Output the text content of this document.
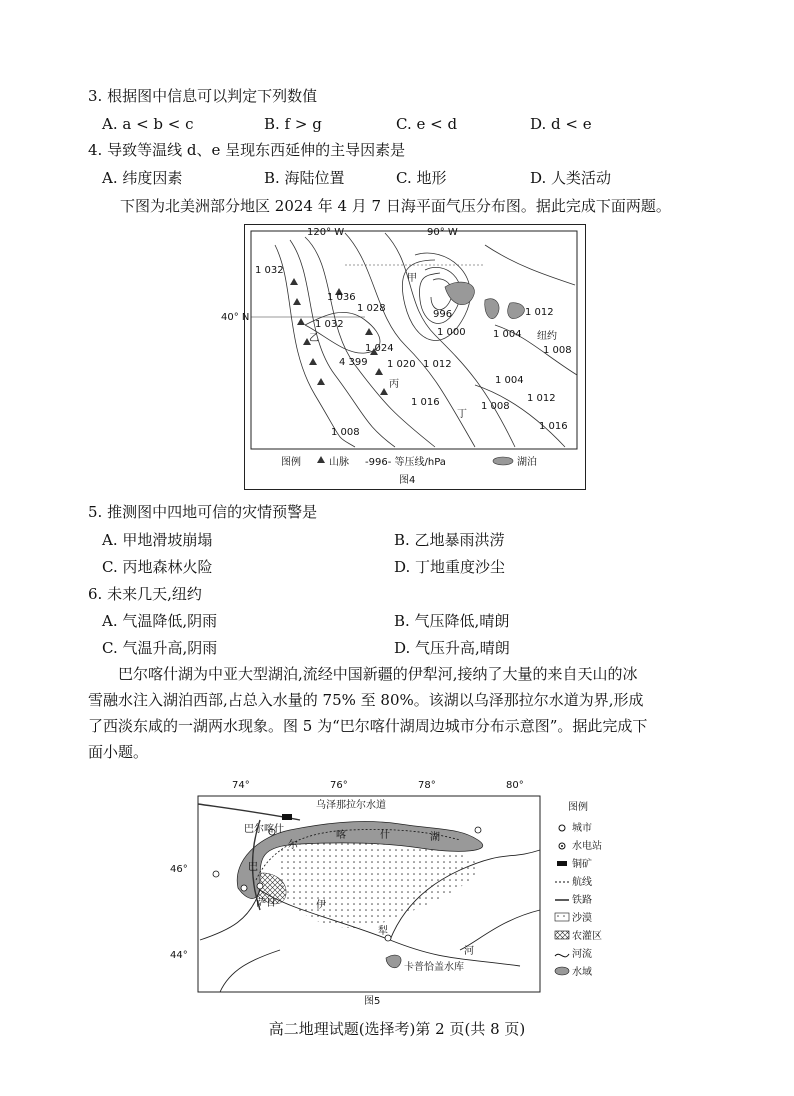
3. 根据图中信息可以判定下列数值
A. a < b < c	B. f > g	C. e < d	D. d < e
4. 导致等温线 d、e 呈现东西延伸的主导因素是
A. 纬度因素	B. 海陆位置	C. 地形	D. 人类活动
下图为北美洲部分地区 2024 年 4 月 7 日海平面气压分布图。据此完成下面两题。
120° W	90° W
40° N
1 032
1 036
1 028
1 032
1 024
4 399 1 020 1 012
996
1 000	1 004
1 012
1 008
1 004
1 012
1 008
1 016
1 016
1 008
甲
乙
丙
丁
纽约
图例	山脉 -996- 等压线/hPa	湖泊
图4
5. 推测图中四地可信的灾情预警是
A. 甲地滑坡崩塌	B. 乙地暴雨洪涝
C. 丙地森林火险	D. 丁地重度沙尘
6. 未来几天,纽约
A. 气温降低,阴雨	B. 气压降低,晴朗
C. 气温升高,阴雨	D. 气压升高,晴朗
巴尔喀什湖为中亚大型湖泊,流经中国新疆的伊犁河,接纳了大量的来自天山的冰
雪融水注入湖泊西部,占总入水量的 75% 至 80%。该湖以乌泽那拉尔水道为界,形成
了西淡东咸的一湖两水现象。图 5 为“巴尔喀什湖周边城市分布示意图”。据此完成下
面小题。
74°	76°	78°	80°
46°
44°
乌泽那拉尔水道
巴尔喀什
巴
尔
喀	什	湖
萨日	伊
犁
河
卡普恰盖水库
图例
城市
水电站
铜矿
航线
铁路
沙漠
农灌区
河流
水域
图5
高二地理试题(选择考)第 2 页(共 8 页)
